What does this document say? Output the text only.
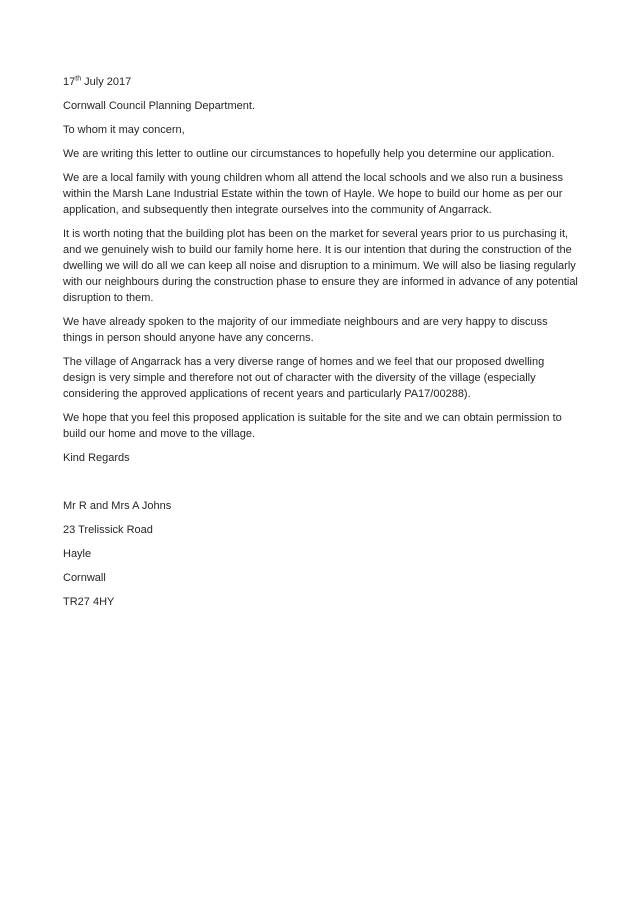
17th July 2017

Cornwall Council Planning Department.

To whom it may concern,

We are writing this letter to outline our circumstances to hopefully help you determine our application.

We are a local family with young children whom all attend the local schools and we also run a business within the Marsh Lane Industrial Estate within the town of Hayle. We hope to build our home as per our application, and subsequently then integrate ourselves into the community of Angarrack.

It is worth noting that the building plot has been on the market for several years prior to us purchasing it, and we genuinely wish to build our family home here. It is our intention that during the construction of the dwelling we will do all we can keep all noise and disruption to a minimum. We will also be liasing regularly with our neighbours during the construction phase to ensure they are informed in advance of any potential disruption to them.

We have already spoken to the majority of our immediate neighbours and are very happy to discuss things in person should anyone have any concerns.

The village of Angarrack has a very diverse range of homes and we feel that our proposed dwelling design is very simple and therefore not out of character with the diversity of the village (especially considering the approved applications of recent years and particularly PA17/00288).

We hope that you feel this proposed application is suitable for the site and we can obtain permission to build our home and move to the village.

Kind Regards

Mr R and Mrs A Johns

23 Trelissick Road

Hayle

Cornwall

TR27 4HY
